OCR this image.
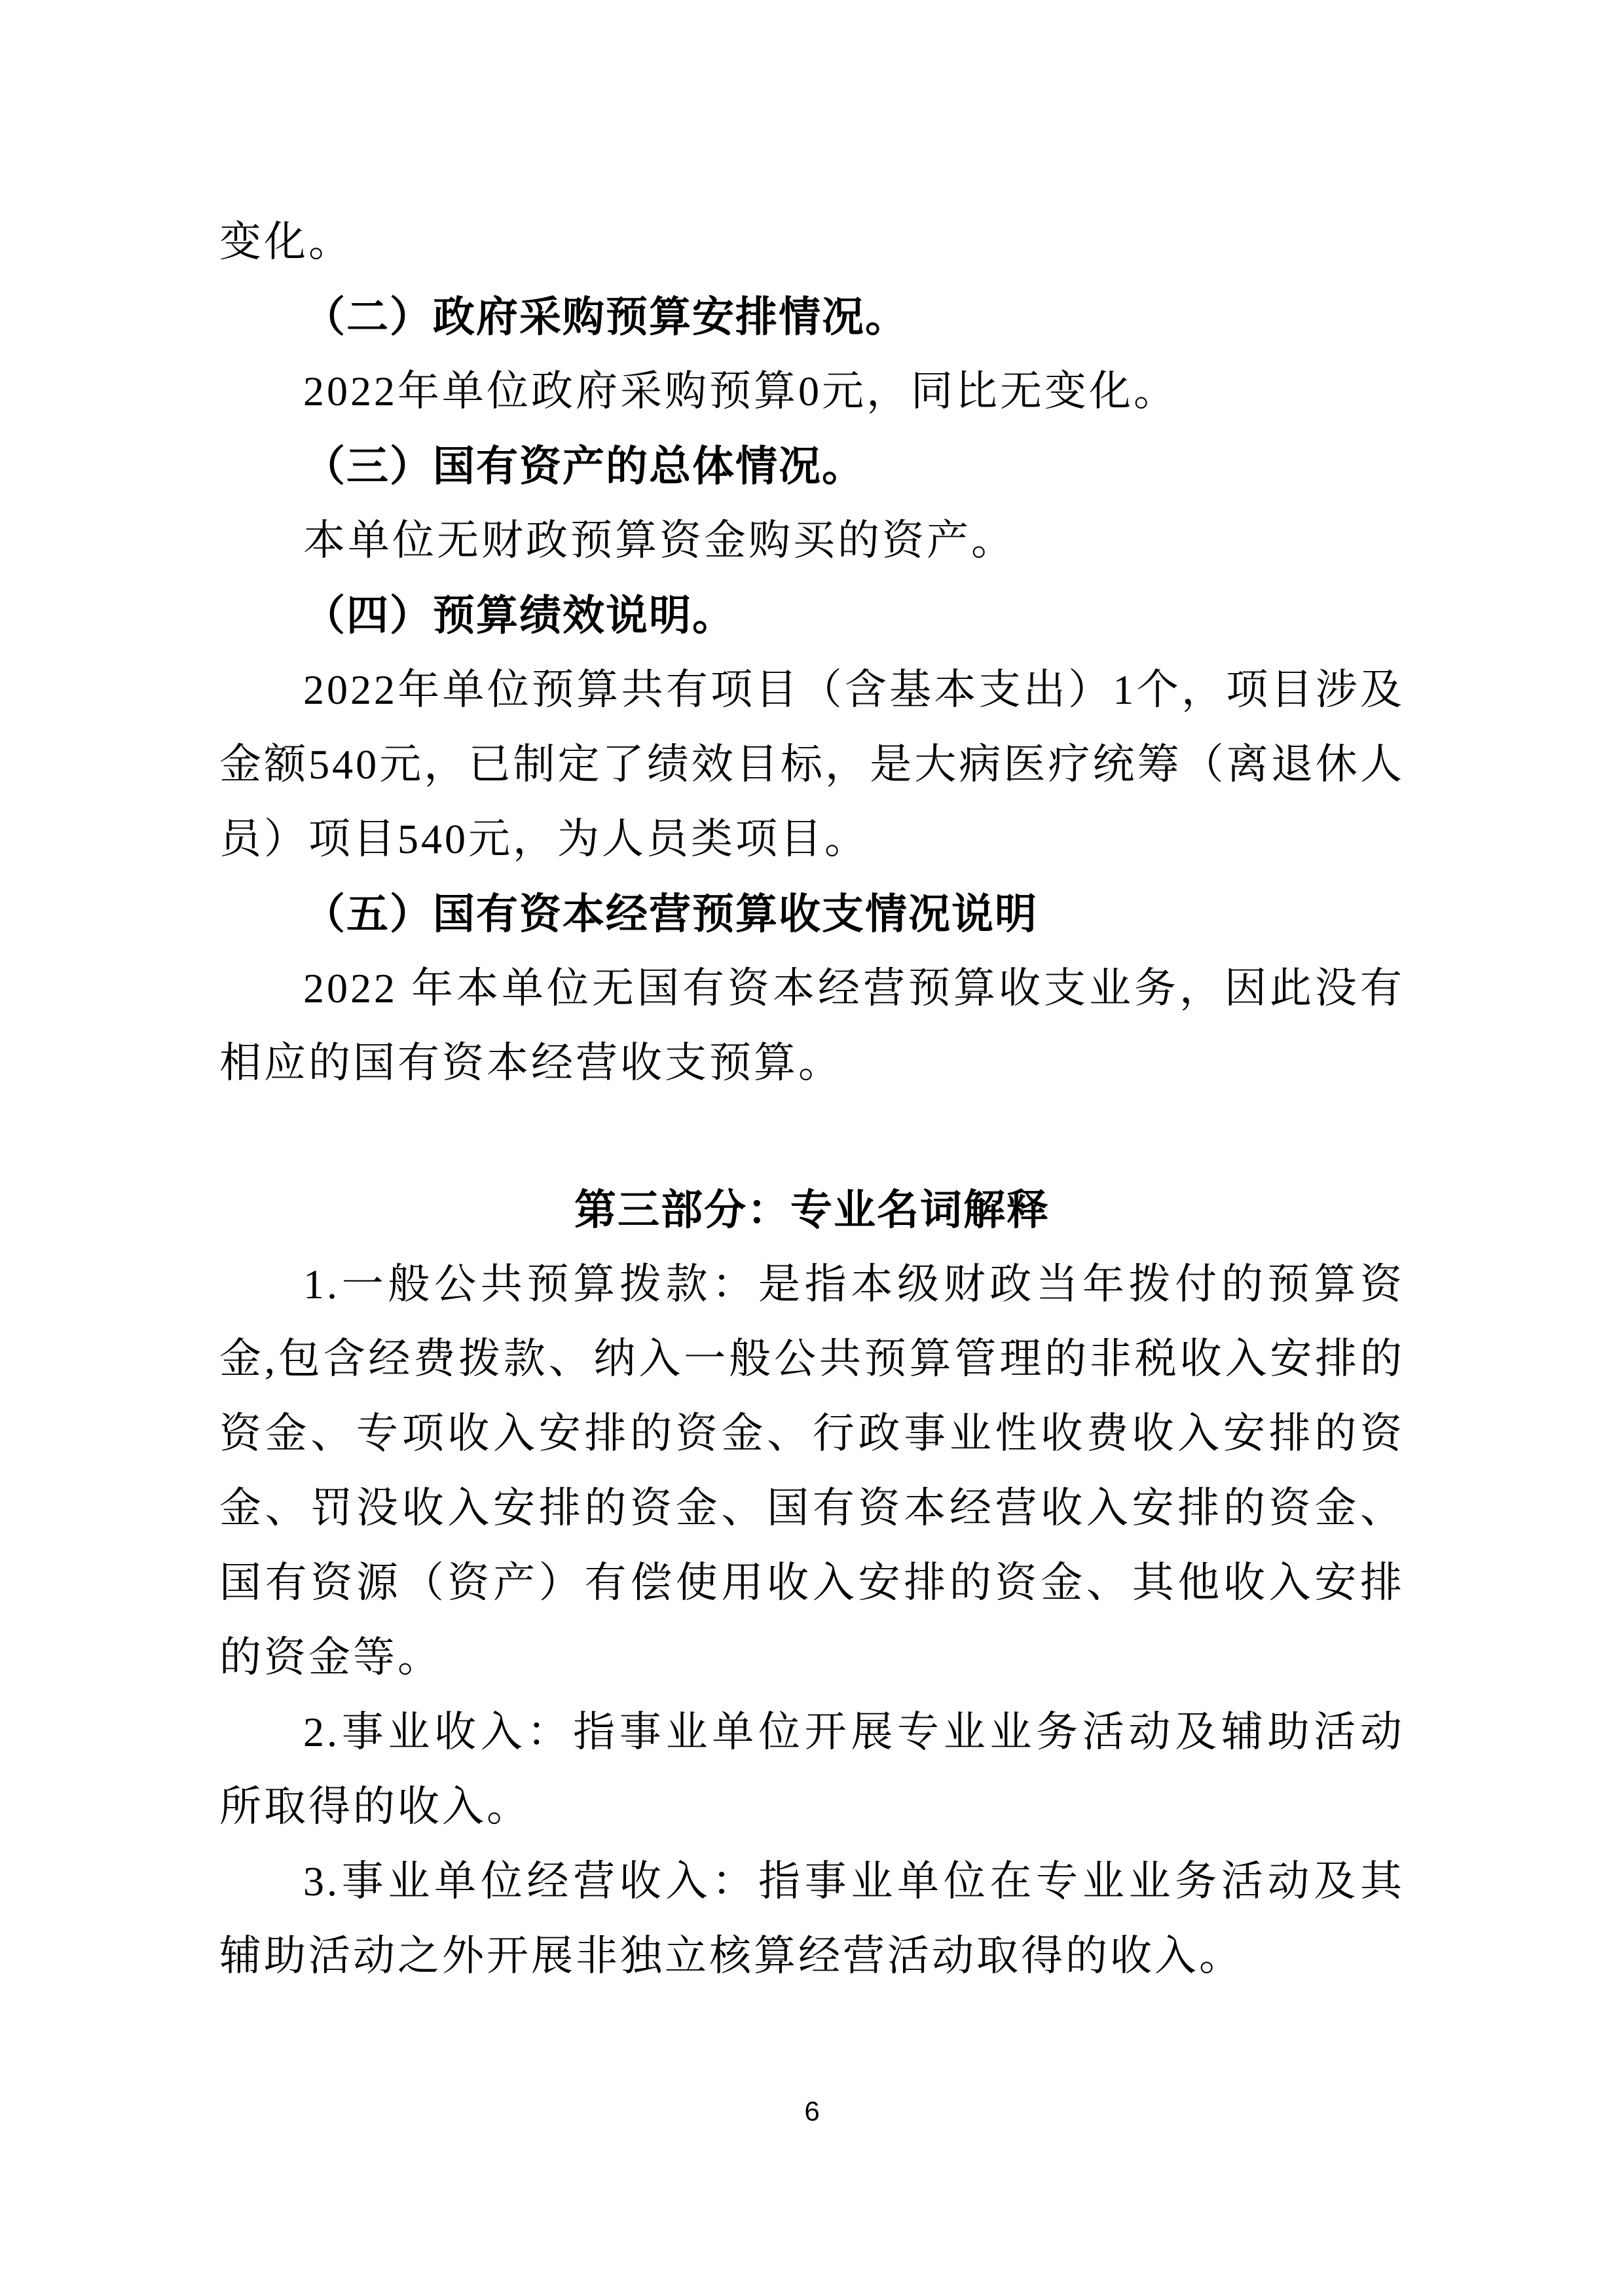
变化。

（二）政府采购预算安排情况。

2022年单位政府采购预算0元，同比无变化。

（三）国有资产的总体情况。

本单位无财政预算资金购买的资产。

（四）预算绩效说明。

2022年单位预算共有项目（含基本支出）1个，项目涉及金额540元，已制定了绩效目标，是大病医疗统筹（离退休人员）项目540元，为人员类项目。

（五）国有资本经营预算收支情况说明

2022 年本单位无国有资本经营预算收支业务，因此没有相应的国有资本经营收支预算。

第三部分：专业名词解释

1.一般公共预算拨款：是指本级财政当年拨付的预算资金,包含经费拨款、纳入一般公共预算管理的非税收入安排的资金、专项收入安排的资金、行政事业性收费收入安排的资金、罚没收入安排的资金、国有资本经营收入安排的资金、国有资源（资产）有偿使用收入安排的资金、其他收入安排的资金等。

2.事业收入：指事业单位开展专业业务活动及辅助活动所取得的收入。

3.事业单位经营收入：指事业单位在专业业务活动及其辅助活动之外开展非独立核算经营活动取得的收入。

6
